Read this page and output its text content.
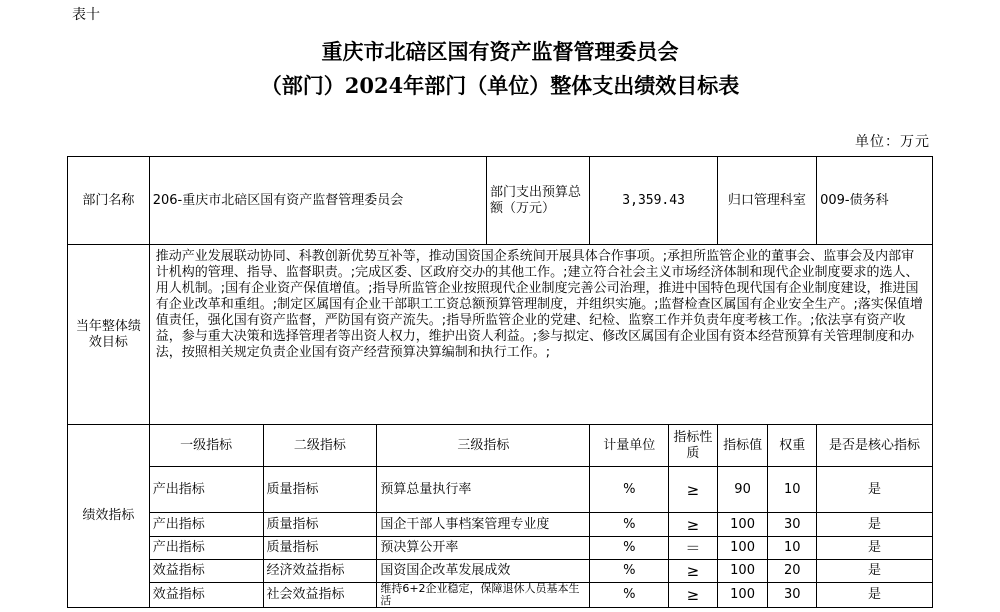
表十
重庆市北碚区国有资产监督管理委员会
（部门）2024年部门（单位）整体支出绩效目标表
单位：万元
部门名称	206-重庆市北碚区国有资产监督管理委员会			部门支出预算总额（万元）	3,359.43		归口管理科室		009-债务科
当年整体绩效目标	推动产业发展联动协同、科教创新优势互补等，推动国资国企系统间开展具体合作事项。;承担所监管企业的董事会、监事会及内部审计机构的管理、指导、监督职责。;完成区委、区政府交办的其他工作。;建立符合社会主义市场经济体制和现代企业制度要求的选人、用人机制。;国有企业资产保值增值。;指导所监管企业按照现代企业制度完善公司治理，推进中国特色现代国有企业制度建设，推进国有企业改革和重组。;制定区属国有企业干部职工工资总额预算管理制度，并组织实施。;监督检查区属国有企业安全生产。;落实保值增值责任，强化国有资产监督，严防国有资产流失。;指导所监管企业的党建、纪检、监察工作并负责年度考核工作。;依法享有资产收益，参与重大决策和选择管理者等出资人权力，维护出资人利益。;参与拟定、修改区属国有企业国有资本经营预算有关管理制度和办法，按照相关规定负责企业国有资产经营预算决算编制和执行工作。;								
绩效指标	一级指标	二级指标	三级指标		计量单位	指标性质	指标值	权重	是否是核心指标
	产出指标	质量指标	预算总量执行率		%	≥	90	10	是
	产出指标	质量指标	国企干部人事档案管理专业度		%	≥	100	30	是
	产出指标	质量指标	预决算公开率		%	＝	100	10	是
	效益指标	经济效益指标	国资国企改革发展成效		%	≥	100	20	是
	效益指标	社会效益指标	维持6+2企业稳定，保障退休人员基本生活		%	≥	100	30	是
